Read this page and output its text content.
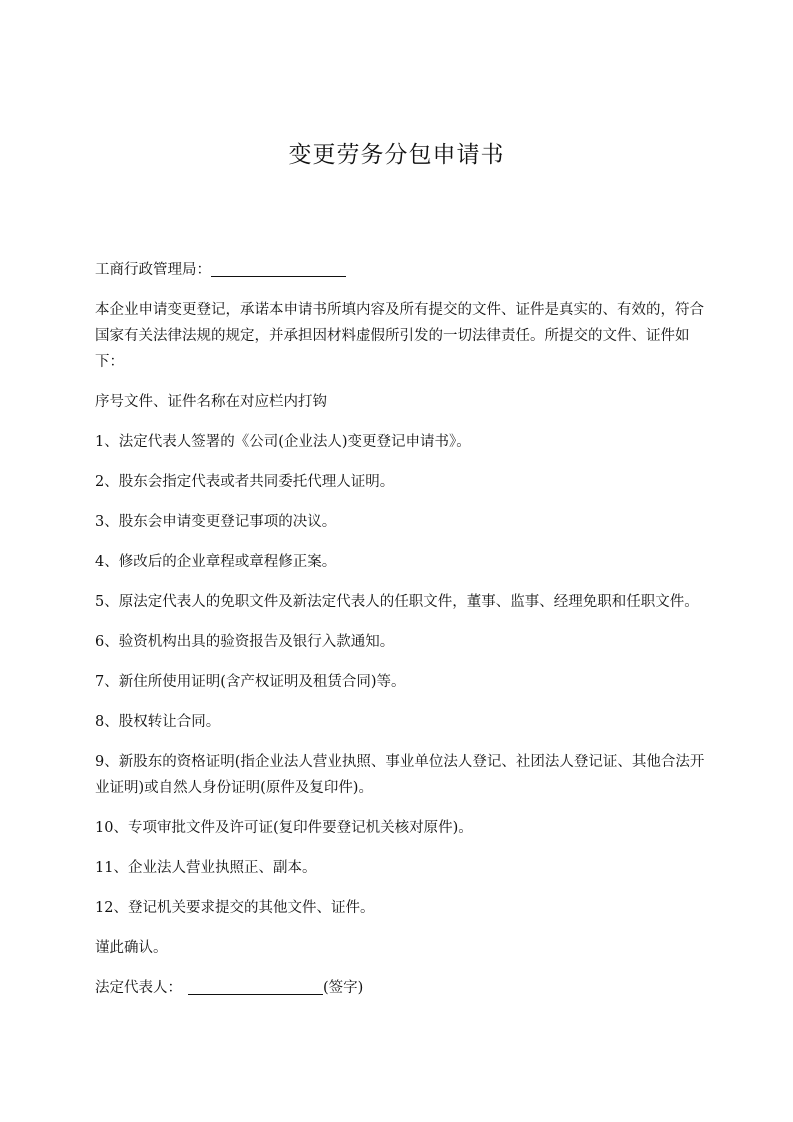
变更劳务分包申请书

工商行政管理局：

本企业申请变更登记，承诺本申请书所填内容及所有提交的文件、证件是真实的、有效的，符合国家有关法律法规的规定，并承担因材料虚假所引发的一切法律责任。所提交的文件、证件如下：

序号文件、证件名称在对应栏内打钩

1、法定代表人签署的《公司(企业法人)变更登记申请书》。

2、股东会指定代表或者共同委托代理人证明。

3、股东会申请变更登记事项的决议。

4、修改后的企业章程或章程修正案。

5、原法定代表人的免职文件及新法定代表人的任职文件，董事、监事、经理免职和任职文件。

6、验资机构出具的验资报告及银行入款通知。

7、新住所使用证明(含产权证明及租赁合同)等。

8、股权转让合同。

9、新股东的资格证明(指企业法人营业执照、事业单位法人登记、社团法人登记证、其他合法开业证明)或自然人身份证明(原件及复印件)。

10、专项审批文件及许可证(复印件要登记机关核对原件)。

11、企业法人营业执照正、副本。

12、登记机关要求提交的其他文件、证件。

谨此确认。

法定代表人：	(签字)
